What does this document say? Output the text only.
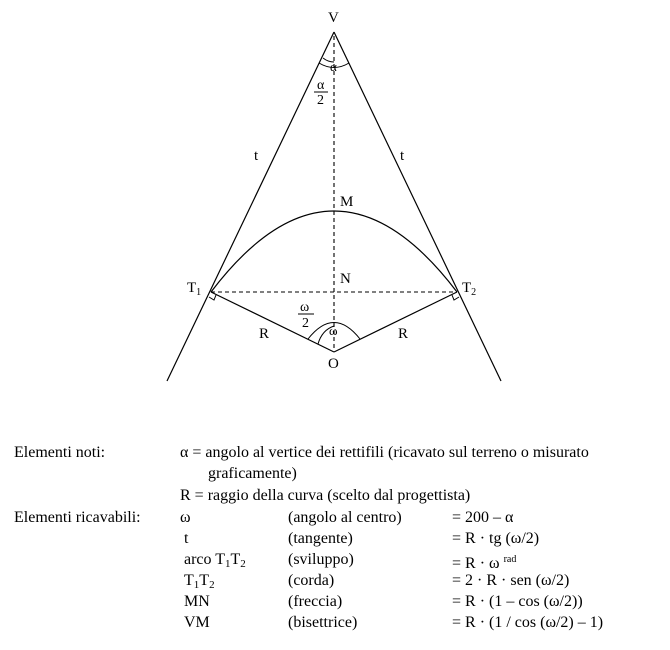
V
t	t
M
N
O
R	R
$T_1$	$T_2$
α
α
2
ω
ω
2
Elementi noti:	α = angolo al vertice dei rettifili (ricavato sul terreno o misurato
graficamente)
R = raggio della curva (scelto dal progettista)
Elementi ricavabili: ω	(angolo al centro)	= 200 – α
t	(tangente)	= R · tg (ω/2)
arco T1T2	(sviluppo)	= R · ω $^{rad}$
T1T2	(corda)	= 2 · R · sen (ω/2)
MN	(freccia)	= R · (1 – cos (ω/2))
VM	(bisettrice)	= R · (1 / cos (ω/2) – 1)
